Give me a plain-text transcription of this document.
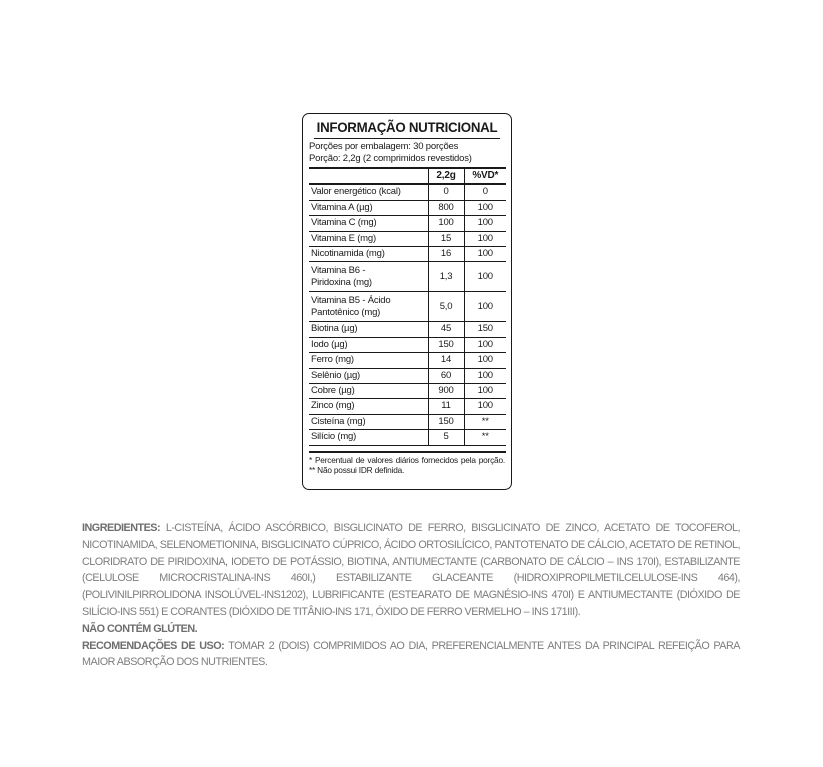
INFORMAÇÃO NUTRICIONAL
Porções por embalagem: 30 porções
Porção: 2,2g (2 comprimidos revestidos)
	2,2g	%VD*
Valor energético (kcal)	0	0
Vitamina A (µg)	800	100
Vitamina C (mg)	100	100
Vitamina E (mg)	15	100
Nicotinamida (mg)	16	100

Vitamina B6 -
Piridoxina (mg)	1,3	100

Vitamina B5 - Ácido
Pantotênico (mg)	5,0	100
Biotina (µg)	45	150
Iodo (µg)	150	100
Ferro (mg)	14	100
Selênio (µg)	60	100
Cobre (µg)	900	100
Zinco (mg)	11	100
Cisteína (mg)	150	**
Silício (mg)	5	**

* Percentual de valores diários fornecidos pela porção. ** Não possui IDR definida.

INGREDIENTES: L-CISTEÍNA, ÁCIDO ASCÓRBICO, BISGLICINATO DE FERRO, BISGLICINATO DE ZINCO, ACETATO DE TOCOFEROL, NICOTINAMIDA, SELENOMETIONINA, BISGLICINATO CÚPRICO, ÁCIDO ORTOSILÍCICO, PANTOTENATO DE CÁLCIO, ACETATO DE RETINOL, CLORIDRATO DE PIRIDOXINA, IODETO DE POTÁSSIO, BIOTINA, ANTIUMECTANTE (CARBONATO DE CÁLCIO – INS 170I), ESTABILIZANTE (CELULOSE MICROCRISTALINA-INS 460I,) ESTABILIZANTE GLACEANTE (HIDROXIPROPILMETILCELULOSE-INS 464), (POLIVINILPIRROLIDONA INSOLÚVEL-INS1202), LUBRIFICANTE (ESTEARATO DE MAGNÉSIO-INS 470I) E ANTIUMECTANTE (DIÓXIDO DE SILÍCIO-INS 551) E CORANTES (DIÓXIDO DE TITÂNIO-INS 171, ÓXIDO DE FERRO VERMELHO – INS 171III).

NÃO CONTÉM GLÚTEN.

RECOMENDAÇÕES DE USO: TOMAR 2 (DOIS) COMPRIMIDOS AO DIA, PREFERENCIALMENTE ANTES DA PRINCIPAL REFEIÇÃO PARA MAIOR ABSORÇÃO DOS NUTRIENTES.
